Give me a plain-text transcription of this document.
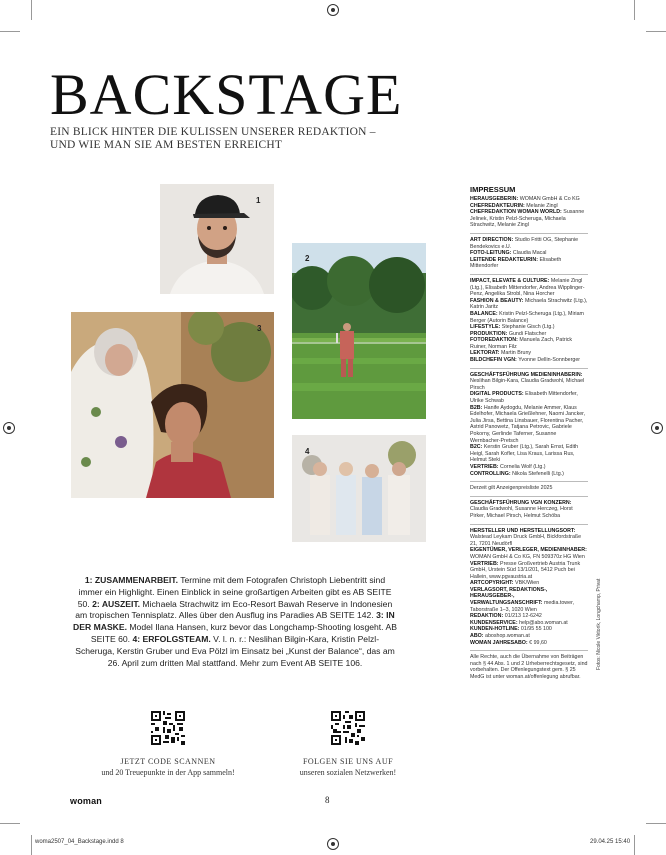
BACKSTAGE
EIN BLICK HINTER DIE KULISSEN UNSERER REDAKTION –
UND WIE MAN SIE AM BESTEN ERREICHT
1
2
3
4
1: ZUSAMMENARBEIT. Termine mit dem Fotografen Christoph Liebentritt sind immer ein Highlight. Einen Einblick in seine großartigen Arbeiten gibt es AB SEITE 50. 2: AUSZEIT. Michaela Strachwitz im Eco-Resort Bawah Reserve in Indonesien am tropischen Tennisplatz. Alles über den Ausflug ins Paradies AB SEITE 142. 3: IN DER MASKE. Model Ilana Hansen, kurz bevor das Longchamp-Shooting losgeht. AB SEITE 60. 4: ERFOLGSTEAM. V. l. n. r.: Neslihan Bilgin-Kara, Kristin Pelzl-Scheruga, Kerstin Gruber und Eva Pölzl im Einsatz bei „Kunst der Balance“, das am 26. April zum dritten Mal stattfand. Mehr zum Event AB SEITE 106.
JETZT CODE SCANNEN
und 20 Treuepunkte in der App sammeln!
FOLGEN SIE UNS AUF
unseren sozialen Netzwerken!
IMPRESSUM
HERAUSGEBERIN: WOMAN GmbH & Co KG
CHEFREDAKTEURIN: Melanie Zingl
CHEFREDAKTION WOMAN WORLD: Susanne Jelinek, Kristin Pelzl-Scheruga, Michaela Strachwitz, Melanie Zingl
ART DIRECTION: Studio Fritti OG, Stephanie Bendekovics e.U.
FOTO-LEITUNG: Claudia Macal
LEITENDE REDAKTEURIN: Elisabeth Mittendorfer
IMPACT, ELEVATE & CULTURE: Melanie Zingl (Ltg.), Elisabeth Mittendorfer, Andrea Wipplinger-Penz, Angelika Strobl, Nina Horcher
FASHION & BEAUTY: Michaela Strachwitz (Ltg.), Katrin Jaritz
BALANCE: Kristin Pelzl-Scheruga (Ltg.), Miriam Berger (Autorin Balance)
LIFESTYLE: Stephanie Gisch (Ltg.)
PRODUKTION: Gundi Flatscher
FOTOREDAKTION: Manuela Zach, Patrick Ruiner, Norman Filz
LEKTORAT: Martin Bruny
BILDCHEFIN VGN: Yvonne Dellin-Sonnberger
GESCHÄFTSFÜHRUNG MEDIENINHABERIN: Neslihan Bilgin-Kara, Claudia Gradwohl, Michael Pirsch
DIGITAL PRODUCTS: Elisabeth Mittendorfer, Ulrike Schwab
B2B: Hanife Aydogdu, Melanie Ammer, Klaus Edelhofer, Michaela Grießlehner, Naomi Jancker, Julia Jirsa, Bettina Linsbauer, Florentina Pacher, Astrid Panowetz, Tatjana Petrovic, Gabriele Pokorny, Gerlinde Taferner, Susanne Wernbacher-Pretsch
B2C: Kerstin Gruber (Ltg.), Sarah Ernst, Edith Heigl, Sarah Kofler, Lisa Kraus, Larissa Rus, Helmut Steki
VERTRIEB: Cornelia Wolf (Ltg.)
CONTROLLING: Nikola Stefenelli (Ltg.)
Derzeit gilt Anzeigenpreisliste 2025
GESCHÄFTSFÜHRUNG VGN KONZERN: Claudia Gradwohl, Susanne Herczeg, Horst Pirker, Michael Pirsch, Helmut Schöba
HERSTELLER UND HERSTELLUNGSORT: Walstead Leykam Druck GmbH, Bickfordstraße 21, 7201 Neudörfl
EIGENTÜMER, VERLEGER, MEDIENINHABER: WOMAN GmbH & Co KG, FN 509370z HG Wien
VERTRIEB: Presse Großvertrieb Austria Trunk GmbH, Urstein Süd 13/1/201, 5412 Puch bei Hallein, www.pgvaustria.at
ARTCOPYRIGHT: VBK/Wien
VERLAGSORT, REDAKTIONS-, HERAUSGEBER-, VERWALTUNGSANSCHRIFT: media.tower, Taborstraße 1–3, 1020 Wien
REDAKTION: 01/213 12-6242
KUNDENSERVICE: help@abo.woman.at
KUNDEN-HOTLINE: 01/95 55 100
ABO: aboshop.woman.at
WOMAN JAHRESABO: € 99,60
Alle Rechte, auch die Übernahme von Beiträgen nach § 44 Abs. 1 und 2 Urheberrechtsgesetz, sind vorbehalten. Der Offenlegungstext gem. § 25 MedG ist unter woman.at/offenlegung abrufbar.
Fotos: Nicole Viktorik, Longchamp, Privat
woman	8
woma2507_04_Backstage.indd 8	29.04.25 15:40
